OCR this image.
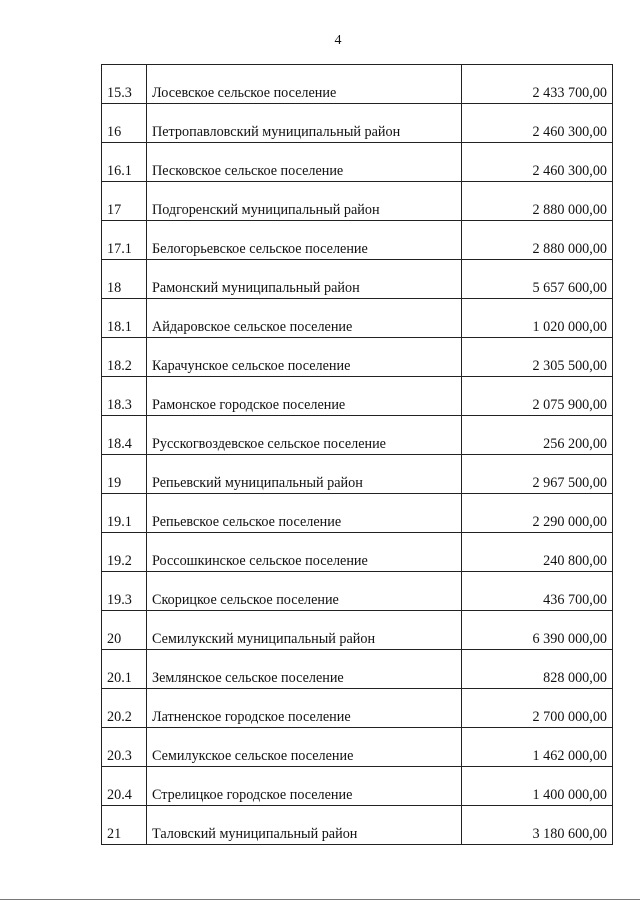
4
15.3	Лосевское сельское поселение	2 433 700,00
16	Петропавловский муниципальный район	2 460 300,00
16.1	Песковское сельское поселение	2 460 300,00
17	Подгоренский муниципальный район	2 880 000,00
17.1	Белогорьевское сельское поселение	2 880 000,00
18	Рамонский муниципальный район	5 657 600,00
18.1	Айдаровское сельское поселение	1 020 000,00
18.2	Карачунское сельское поселение	2 305 500,00
18.3	Рамонское городское поселение	2 075 900,00
18.4	Русскогвоздевское сельское поселение	256 200,00
19	Репьевский муниципальный район	2 967 500,00
19.1	Репьевское сельское поселение	2 290 000,00
19.2	Россошкинское сельское поселение	240 800,00
19.3	Скорицкое сельское поселение	436 700,00
20	Семилукский муниципальный район	6 390 000,00
20.1	Землянское сельское поселение	828 000,00
20.2	Латненское городское поселение	2 700 000,00
20.3	Семилукское сельское поселение	1 462 000,00
20.4	Стрелицкое городское поселение	1 400 000,00
21	Таловский муниципальный район	3 180 600,00
